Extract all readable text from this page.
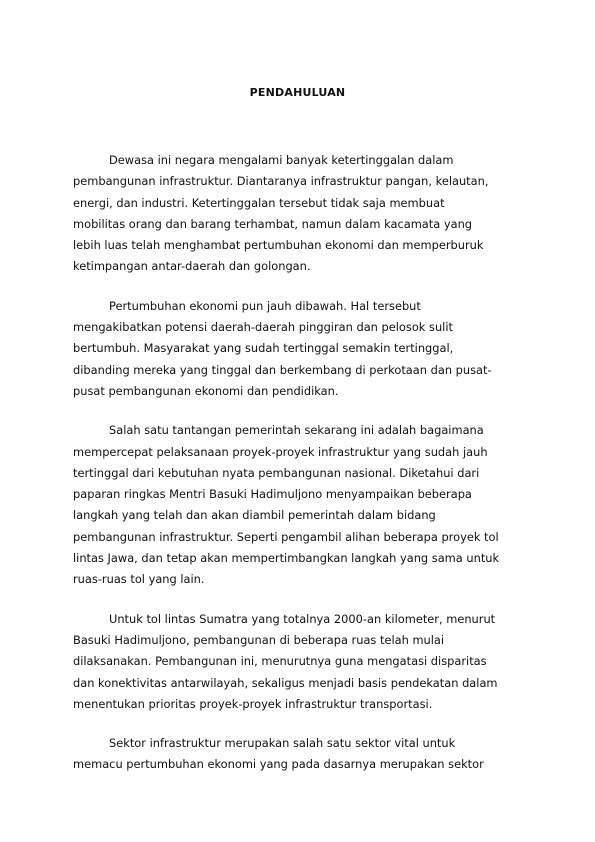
PENDAHULUAN

Dewasa ini negara mengalami banyak ketertinggalan dalam
pembangunan infrastruktur. Diantaranya infrastruktur pangan, kelautan,
energi, dan industri. Ketertinggalan tersebut tidak saja membuat
mobilitas orang dan barang terhambat, namun dalam kacamata yang
lebih luas telah menghambat pertumbuhan ekonomi dan memperburuk
ketimpangan antar-daerah dan golongan.

Pertumbuhan ekonomi pun jauh dibawah. Hal tersebut
mengakibatkan potensi daerah-daerah pinggiran dan pelosok sulit
bertumbuh. Masyarakat yang sudah tertinggal semakin tertinggal,
dibanding mereka yang tinggal dan berkembang di perkotaan dan pusat-
pusat pembangunan ekonomi dan pendidikan.

Salah satu tantangan pemerintah sekarang ini adalah bagaimana
mempercepat pelaksanaan proyek-proyek infrastruktur yang sudah jauh
tertinggal dari kebutuhan nyata pembangunan nasional. Diketahui dari
paparan ringkas Mentri Basuki Hadimuljono menyampaikan beberapa
langkah yang telah dan akan diambil pemerintah dalam bidang
pembangunan infrastruktur. Seperti pengambil alihan beberapa proyek tol
lintas Jawa, dan tetap akan mempertimbangkan langkah yang sama untuk
ruas-ruas tol yang lain.

Untuk tol lintas Sumatra yang totalnya 2000-an kilometer, menurut
Basuki Hadimuljono, pembangunan di beberapa ruas telah mulai
dilaksanakan. Pembangunan ini, menurutnya guna mengatasi disparitas
dan konektivitas antarwilayah, sekaligus menjadi basis pendekatan dalam
menentukan prioritas proyek-proyek infrastruktur transportasi.

Sektor infrastruktur merupakan salah satu sektor vital untuk
memacu pertumbuhan ekonomi yang pada dasarnya merupakan sektor
